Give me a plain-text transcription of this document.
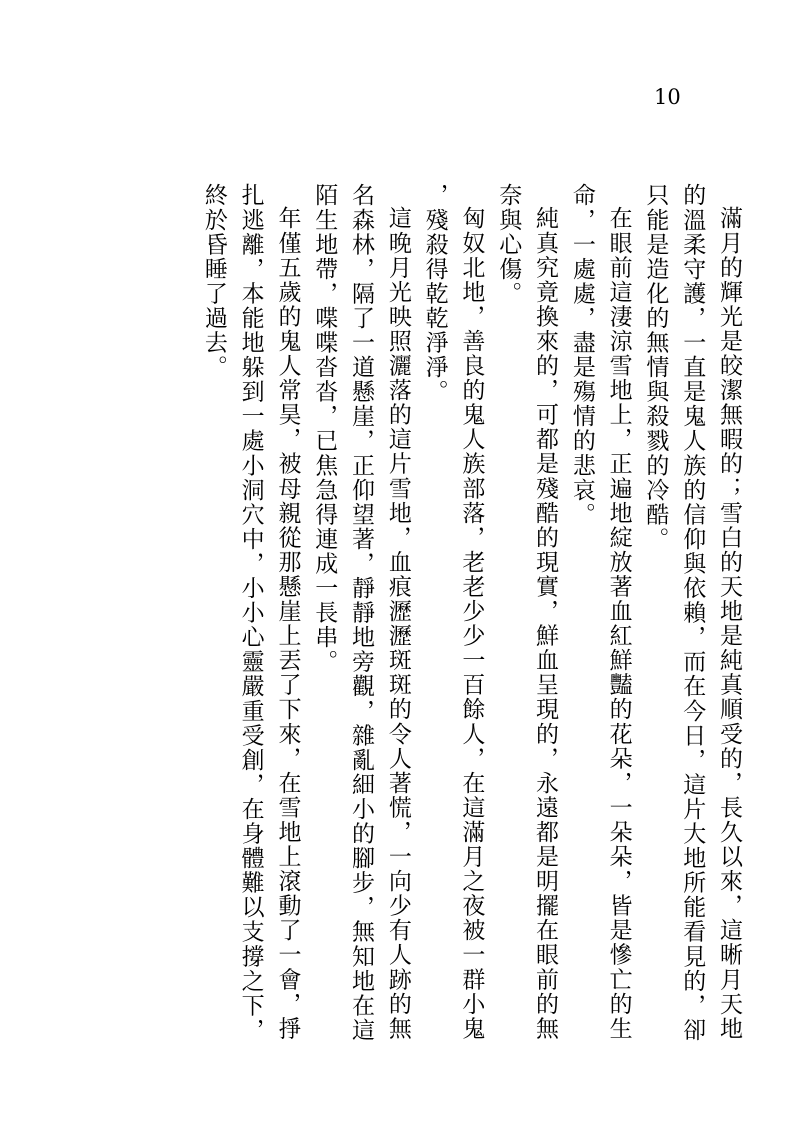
10

滿月的輝光是皎潔無暇的；雪白的天地是純真順受的，長久以來，這晰月天地的溫柔守護，一直是鬼人族的信仰與依賴，而在今日，這片大地所能看見的，卻只能是造化的無情與殺戮的冷酷。

在眼前這淒涼雪地上，正遍地綻放著血紅鮮豔的花朵，一朵朵，皆是慘亡的生命，一處處，盡是殤情的悲哀。

純真究竟換來的，可都是殘酷的現實，鮮血呈現的，永遠都是明擺在眼前的無奈與心傷。

匈奴北地，善良的鬼人族部落，老老少少一百餘人，在這滿月之夜被一群小鬼，殘殺得乾乾淨淨。

這晚月光映照灑落的這片雪地，血痕瀝瀝斑斑的令人著慌，一向少有人跡的無名森林，隔了一道懸崖，正仰望著，靜靜地旁觀，雜亂細小的腳步，無知地在這陌生地帶，喋喋沓沓，已焦急得連成一長串。

年僅五歲的鬼人常昊，被母親從那懸崖上丟了下來，在雪地上滾動了一會，掙扎逃離，本能地躲到一處小洞穴中，小小心靈嚴重受創，在身體難以支撐之下，終於昏睡了過去。
